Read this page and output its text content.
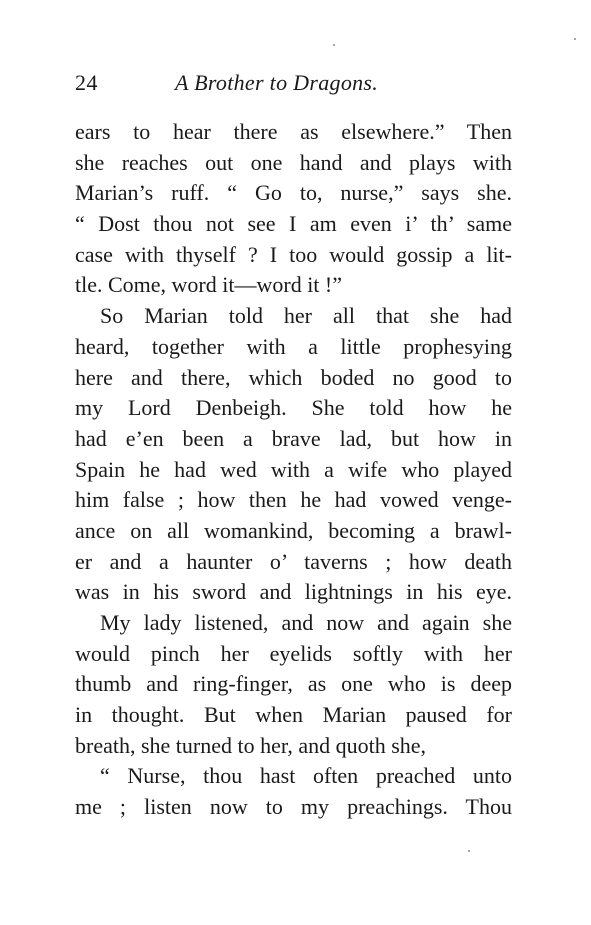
24	A Brother to Dragons.
ears to hear there as elsewhere.” Then
she reaches out one hand and plays with
Marian’s ruff. “ Go to, nurse,” says she.
“ Dost thou not see I am even i’ th’ same
case with thyself ? I too would gossip a lit-
tle. Come, word it—word it !”
So Marian told her all that she had
heard, together with a little prophesying
here and there, which boded no good to
my Lord Denbeigh. She told how he
had e’en been a brave lad, but how in
Spain he had wed with a wife who played
him false ; how then he had vowed venge-
ance on all womankind, becoming a brawl-
er and a haunter o’ taverns ; how death
was in his sword and lightnings in his eye.
My lady listened, and now and again she
would pinch her eyelids softly with her
thumb and ring-finger, as one who is deep
in thought. But when Marian paused for
breath, she turned to her, and quoth she,
“ Nurse, thou hast often preached unto
me ; listen now to my preachings. Thou
